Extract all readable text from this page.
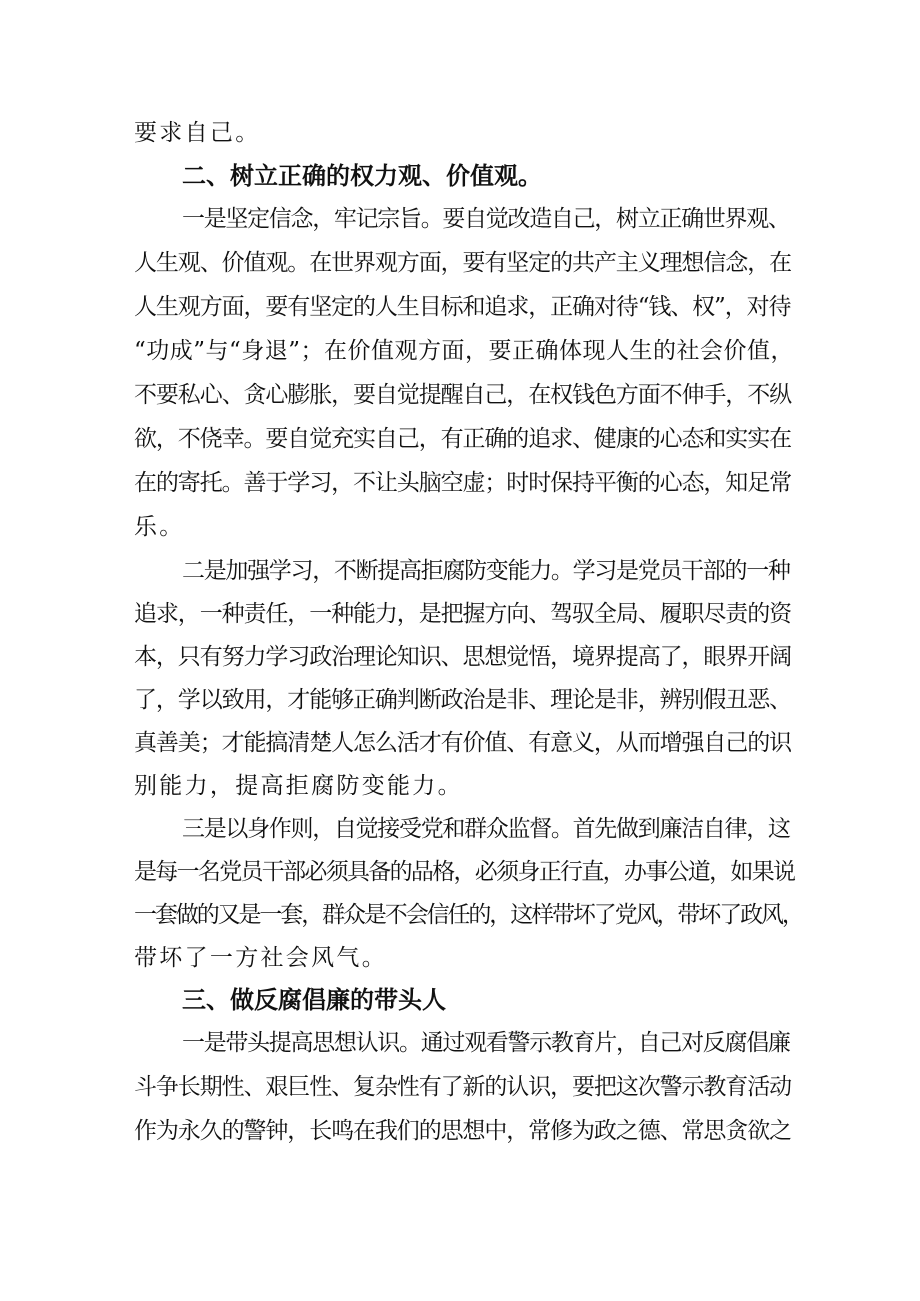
要求自己。
二、树立正确的权力观、价值观。
一是坚定信念，牢记宗旨。要自觉改造自己，树立正确世界观、
人生观、价值观。在世界观方面，要有坚定的共产主义理想信念，在
人生观方面，要有坚定的人生目标和追求，正确对待“钱、权”，对待
“功成”与“身退”；在价值观方面，要正确体现人生的社会价值，
不要私心、贪心膨胀，要自觉提醒自己，在权钱色方面不伸手，不纵
欲，不侥幸。要自觉充实自己，有正确的追求、健康的心态和实实在
在的寄托。善于学习，不让头脑空虚；时时保持平衡的心态，知足常
乐。
二是加强学习，不断提高拒腐防变能力。学习是党员干部的一种
追求，一种责任，一种能力，是把握方向、驾驭全局、履职尽责的资
本，只有努力学习政治理论知识、思想觉悟，境界提高了，眼界开阔
了，学以致用，才能够正确判断政治是非、理论是非，辨别假丑恶、
真善美；才能搞清楚人怎么活才有价值、有意义，从而增强自己的识
别能力，提高拒腐防变能力。
三是以身作则，自觉接受党和群众监督。首先做到廉洁自律，这
是每一名党员干部必须具备的品格，必须身正行直，办事公道，如果说
一套做的又是一套，群众是不会信任的，这样带坏了党风，带坏了政风，
带坏了一方社会风气。
三、做反腐倡廉的带头人
一是带头提高思想认识。通过观看警示教育片，自己对反腐倡廉
斗争长期性、艰巨性、复杂性有了新的认识，要把这次警示教育活动
作为永久的警钟，长鸣在我们的思想中，常修为政之德、常思贪欲之
